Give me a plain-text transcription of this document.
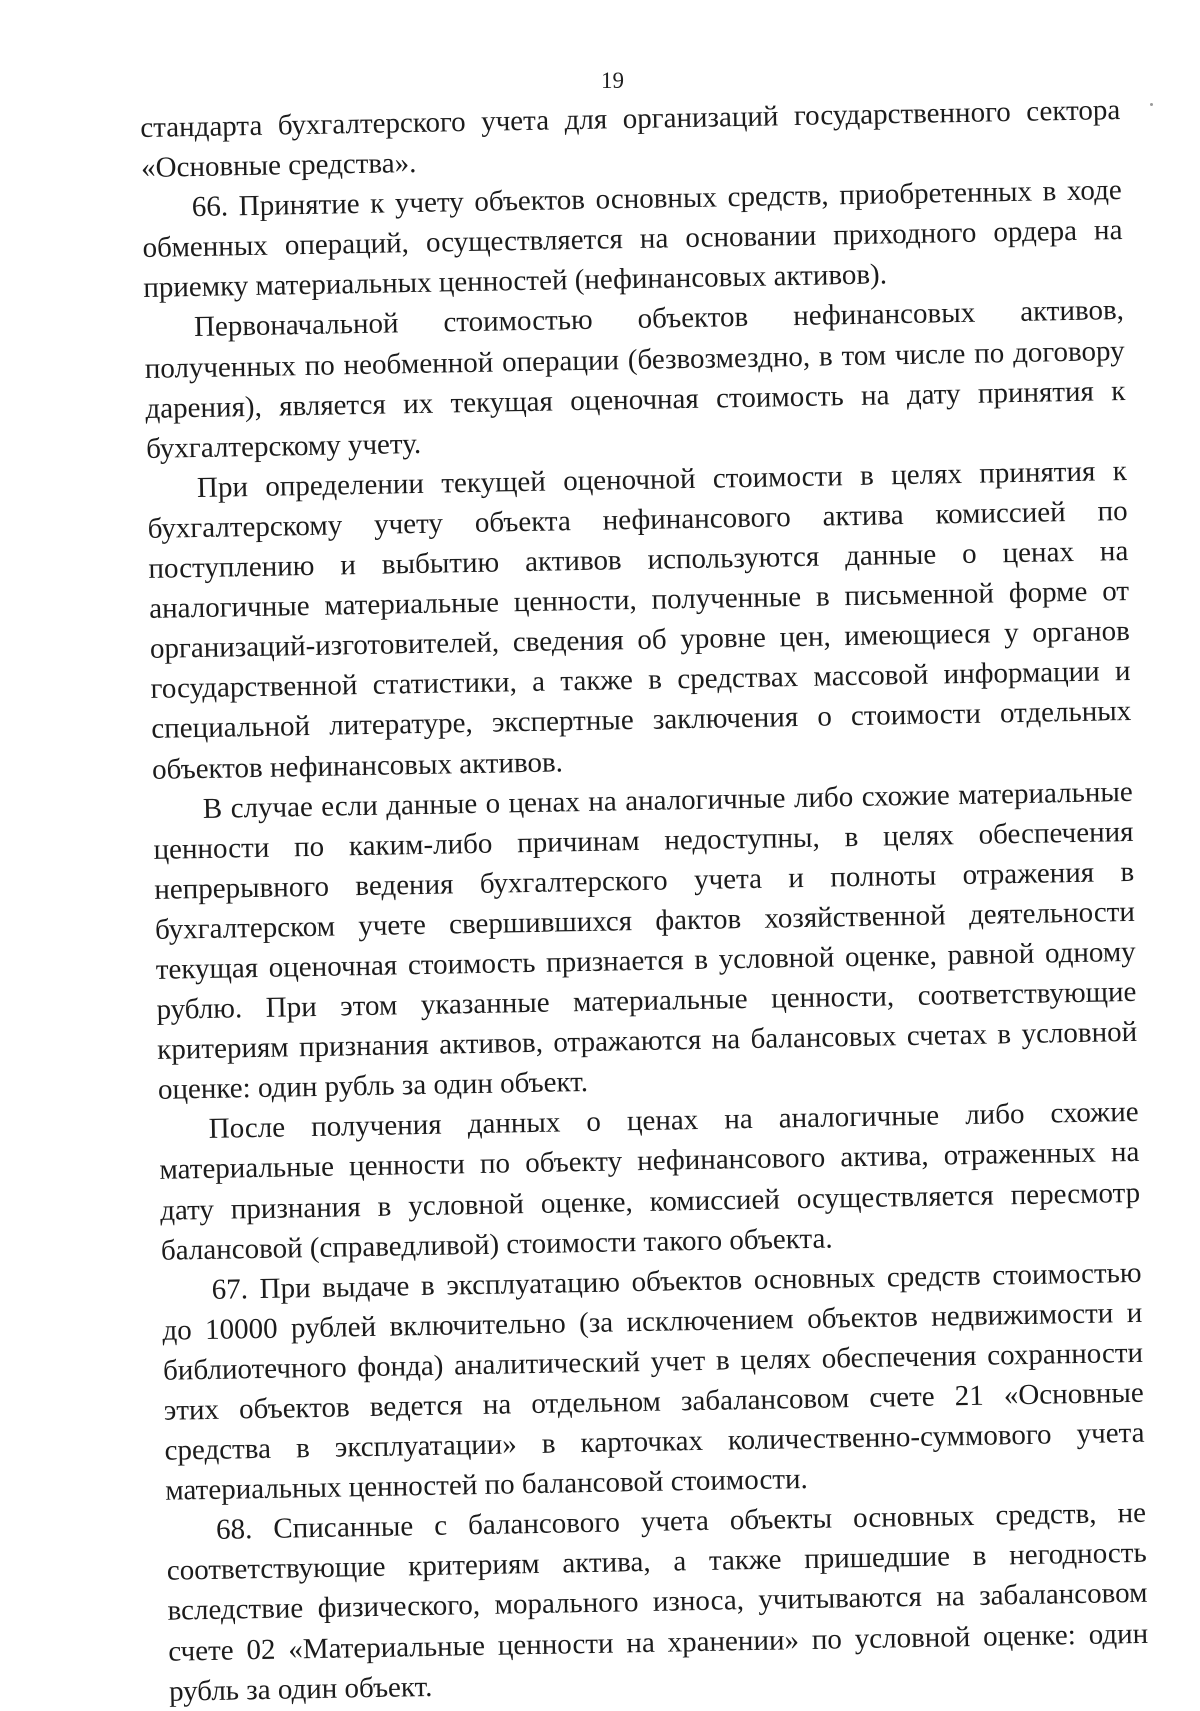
19

стандарта бухгалтерского учета для организаций государственного сектора «Основные средства».

66. Принятие к учету объектов основных средств, приобретенных в ходе обменных операций, осуществляется на основании приходного ордера на приемку материальных ценностей (нефинансовых активов).

Первоначальной стоимостью объектов нефинансовых активов, полученных по необменной операции (безвозмездно, в том числе по договору дарения), является их текущая оценочная стоимость на дату принятия к бухгалтерскому учету.

При определении текущей оценочной стоимости в целях принятия к бухгалтерскому учету объекта нефинансового актива комиссией по поступлению и выбытию активов используются данные о ценах на аналогичные материальные ценности, полученные в письменной форме от организаций-изготовителей, сведения об уровне цен, имеющиеся у органов государственной статистики, а также в средствах массовой информации и специальной литературе, экспертные заключения о стоимости отдельных объектов нефинансовых активов.

В случае если данные о ценах на аналогичные либо схожие материальные ценности по каким-либо причинам недоступны, в целях обеспечения непрерывного ведения бухгалтерского учета и полноты отражения в бухгалтерском учете свершившихся фактов хозяйственной деятельности текущая оценочная стоимость признается в условной оценке, равной одному рублю. При этом указанные материальные ценности, соответствующие критериям признания активов, отражаются на балансовых счетах в условной оценке: один рубль за один объект.

После получения данных о ценах на аналогичные либо схожие материальные ценности по объекту нефинансового актива, отраженных на дату признания в условной оценке, комиссией осуществляется пересмотр балансовой (справедливой) стоимости такого объекта.

67. При выдаче в эксплуатацию объектов основных средств стоимостью до 10000 рублей включительно (за исключением объектов недвижимости и библиотечного фонда) аналитический учет в целях обеспечения сохранности этих объектов ведется на отдельном забалансовом счете 21 «Основные средства в эксплуатации» в карточках количественно-суммового учета материальных ценностей по балансовой стоимости.

68. Списанные с балансового учета объекты основных средств, не соответствующие критериям актива, а также пришедшие в негодность вследствие физического, морального износа, учитываются на забалансовом счете 02 «Материальные ценности на хранении» по условной оценке: один рубль за один объект.
